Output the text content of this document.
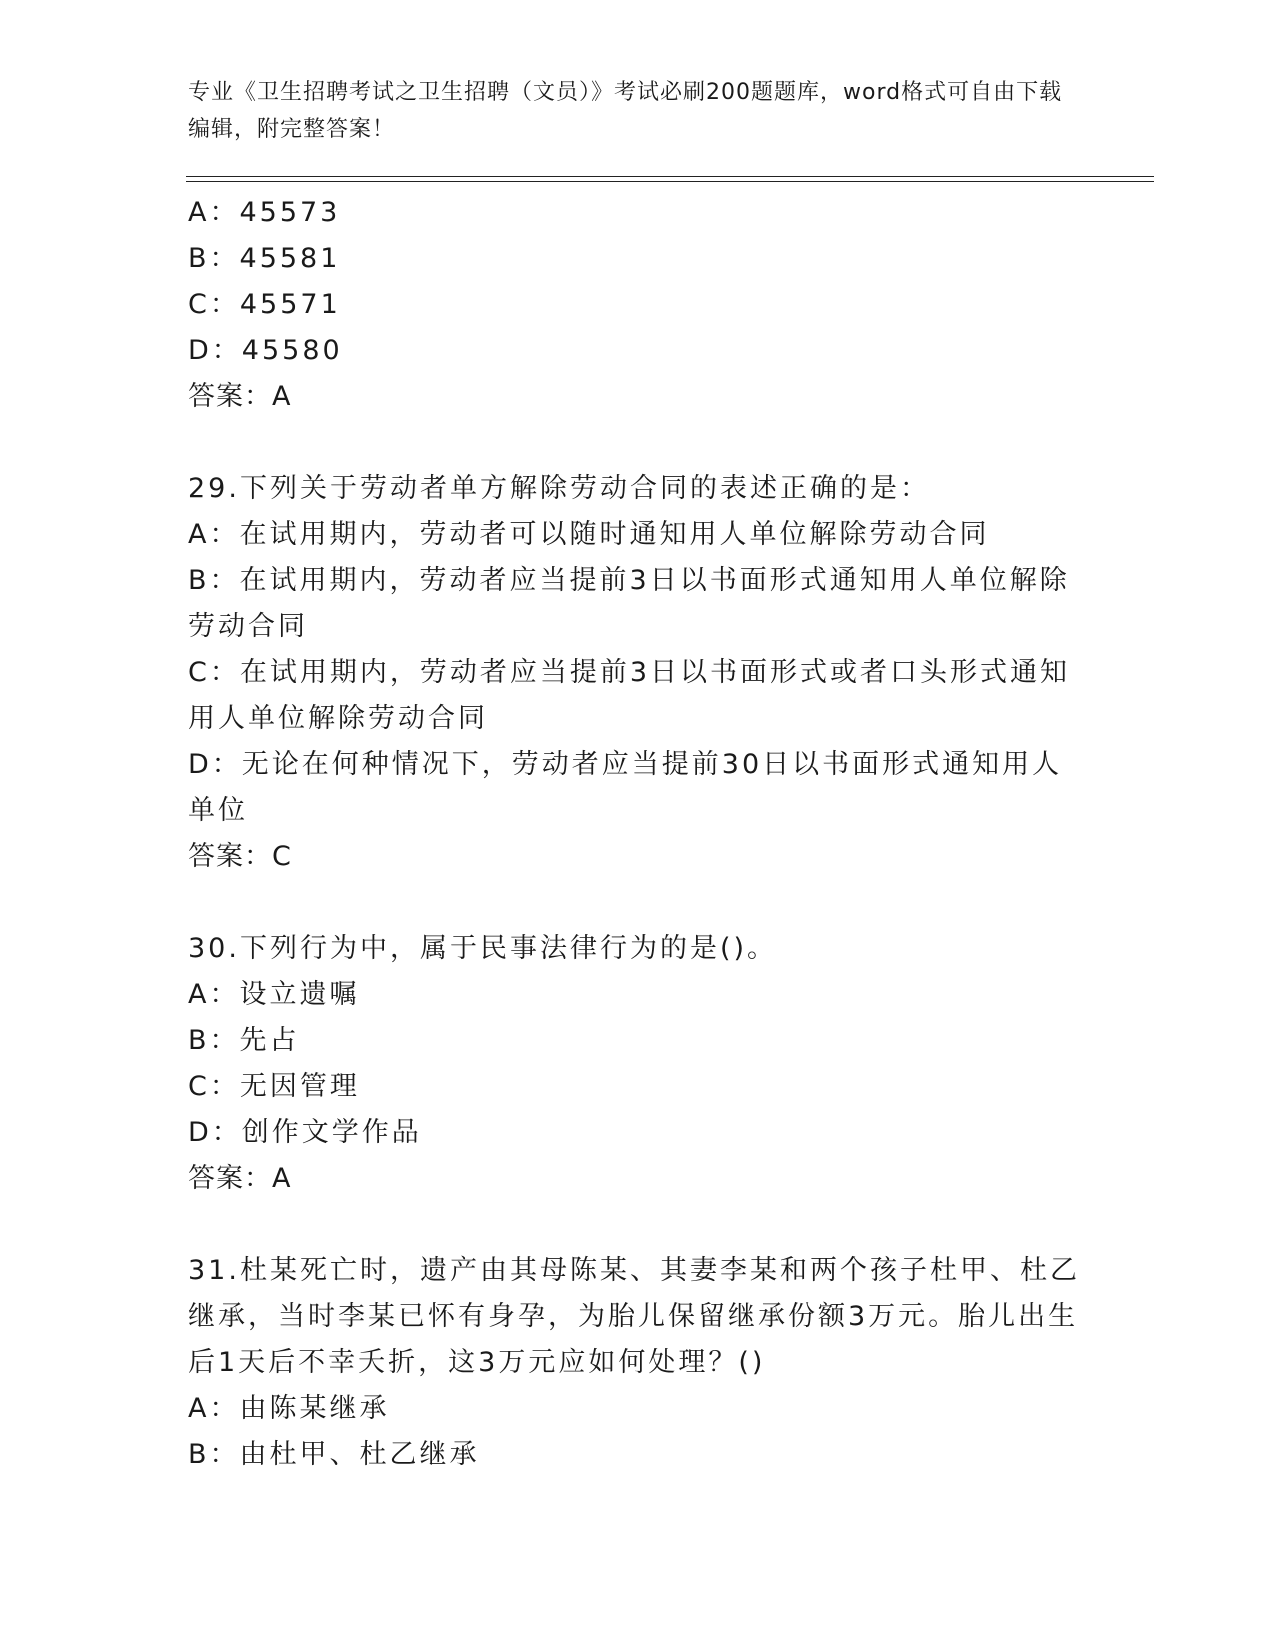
专业《卫生招聘考试之卫生招聘（文员）》考试必刷200题题库，word格式可自由下载编辑，附完整答案！

A：45573

B：45581

C：45571

D：45580

答案：A

29.下列关于劳动者单方解除劳动合同的表述正确的是：

A：在试用期内，劳动者可以随时通知用人单位解除劳动合同

B：在试用期内，劳动者应当提前3日以书面形式通知用人单位解除劳动合同

C：在试用期内，劳动者应当提前3日以书面形式或者口头形式通知用人单位解除劳动合同

D：无论在何种情况下，劳动者应当提前30日以书面形式通知用人单位

答案：C

30.下列行为中，属于民事法律行为的是()。

A：设立遗嘱

B：先占

C：无因管理

D：创作文学作品

答案：A

31.杜某死亡时，遗产由其母陈某、其妻李某和两个孩子杜甲、杜乙继承，当时李某已怀有身孕，为胎儿保留继承份额3万元。胎儿出生后1天后不幸夭折，这3万元应如何处理？()

A：由陈某继承

B：由杜甲、杜乙继承
